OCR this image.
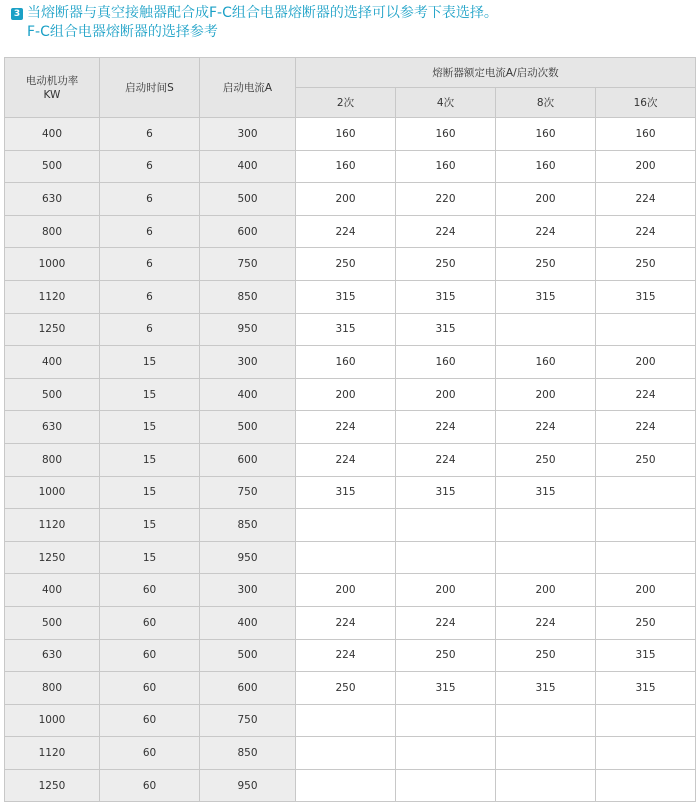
3 当熔断器与真空接触器配合成F-C组合电器熔断器的选择可以参考下表选择。
F-C组合电器熔断器的选择参考
电动机功率
KW	启动时间S	启动电流A	熔断器额定电流A/启动次数			
			2次	4次	8次	16次
400	6	300	160	160	160	160
500	6	400	160	160	160	200
630	6	500	200	220	200	224
800	6	600	224	224	224	224
1000	6	750	250	250	250	250
1120	6	850	315	315	315	315
1250	6	950	315	315		
400	15	300	160	160	160	200
500	15	400	200	200	200	224
630	15	500	224	224	224	224
800	15	600	224	224	250	250
1000	15	750	315	315	315	
1120	15	850				
1250	15	950				
400	60	300	200	200	200	200
500	60	400	224	224	224	250
630	60	500	224	250	250	315
800	60	600	250	315	315	315
1000	60	750				
1120	60	850				
1250	60	950				
